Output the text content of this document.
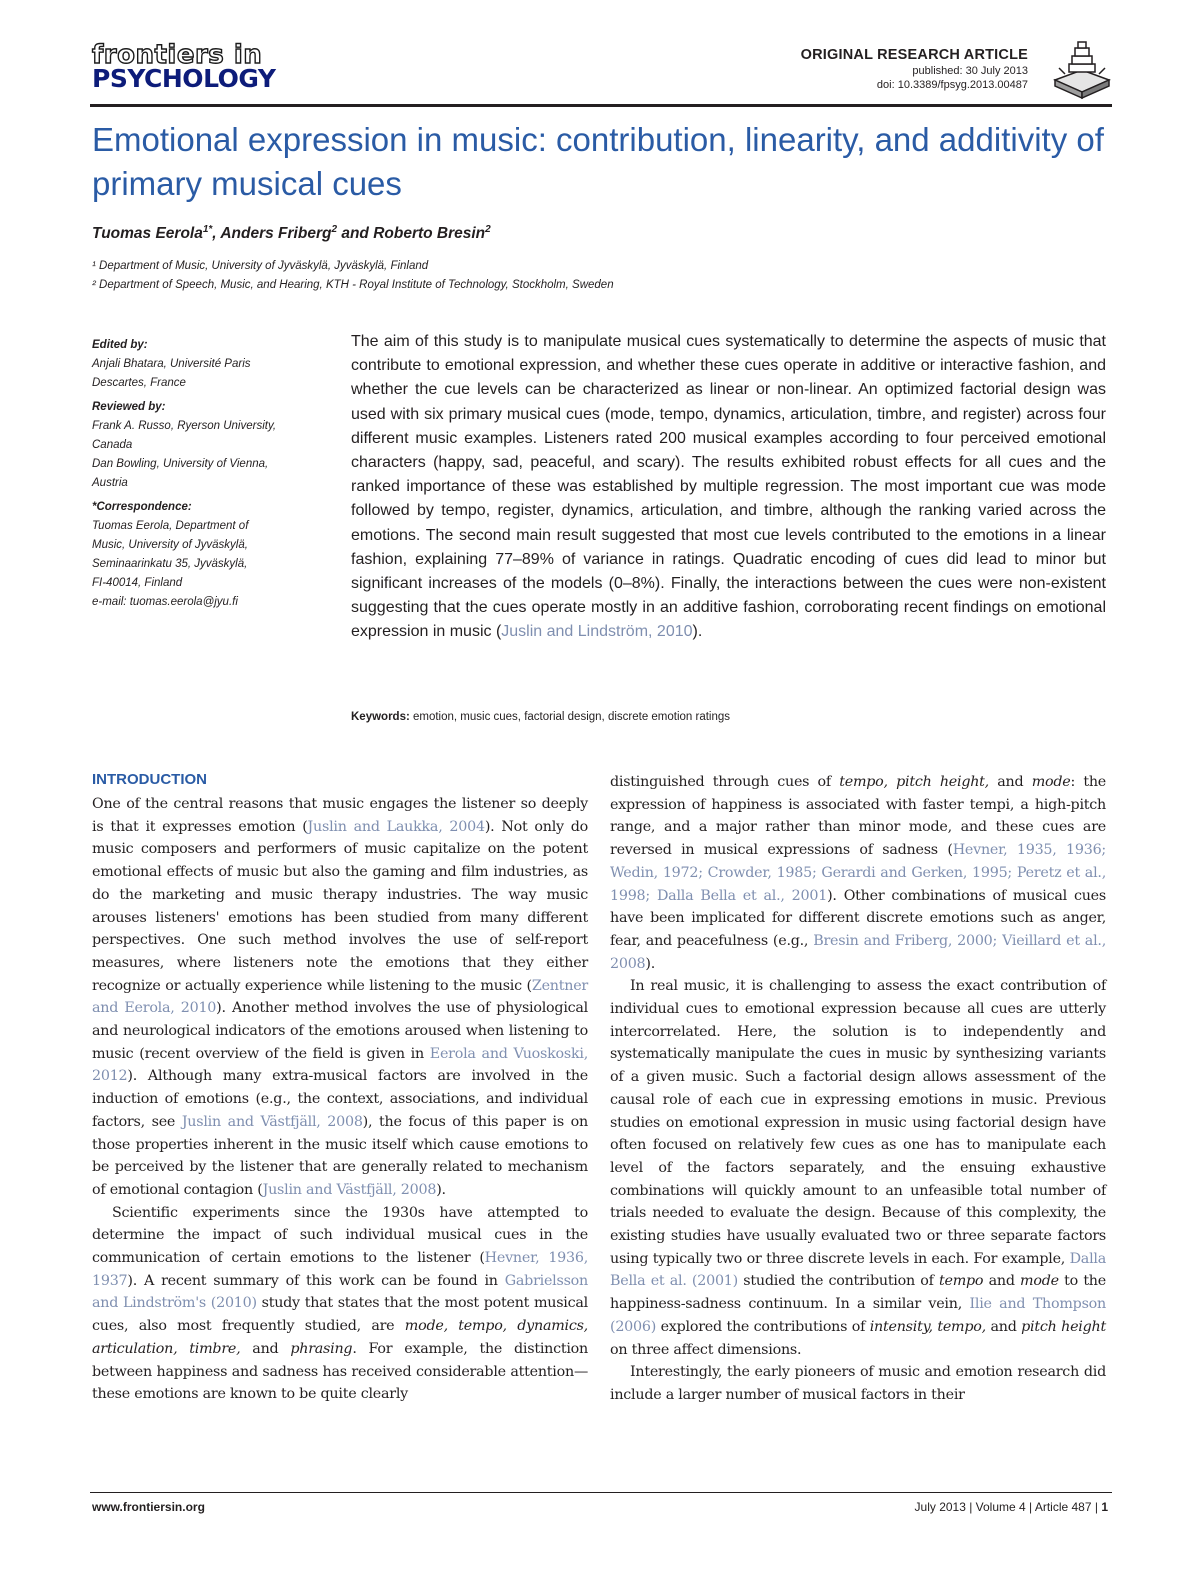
frontiers in
PSYCHOLOGY
ORIGINAL RESEARCH ARTICLE
published: 30 July 2013
doi: 10.3389/fpsyg.2013.00487
Emotional expression in music: contribution, linearity, and additivity of primary musical cues
Tuomas Eerola$^{1*}$, Anders Friberg$^2$ and Roberto Bresin$^2$
¹ Department of Music, University of Jyväskylä, Jyväskylä, Finland
² Department of Speech, Music, and Hearing, KTH - Royal Institute of Technology, Stockholm, Sweden
Edited by:
Anjali Bhatara, Université Paris
Descartes, France
Reviewed by:
Frank A. Russo, Ryerson University,
Canada
Dan Bowling, University of Vienna,
Austria
*Correspondence:
Tuomas Eerola, Department of
Music, University of Jyväskylä,
Seminaarinkatu 35, Jyväskylä,
FI-40014, Finland
e-mail: tuomas.eerola@jyu.fi
The aim of this study is to manipulate musical cues systematically to determine the aspects of music that contribute to emotional expression, and whether these cues operate in additive or interactive fashion, and whether the cue levels can be characterized as linear or non-linear. An optimized factorial design was used with six primary musical cues (mode, tempo, dynamics, articulation, timbre, and register) across four different music examples. Listeners rated 200 musical examples according to four perceived emotional characters (happy, sad, peaceful, and scary). The results exhibited robust effects for all cues and the ranked importance of these was established by multiple regression. The most important cue was mode followed by tempo, register, dynamics, articulation, and timbre, although the ranking varied across the emotions. The second main result suggested that most cue levels contributed to the emotions in a linear fashion, explaining 77–89% of variance in ratings. Quadratic encoding of cues did lead to minor but significant increases of the models (0–8%). Finally, the interactions between the cues were non-existent suggesting that the cues operate mostly in an additive fashion, corroborating recent findings on emotional expression in music (Juslin and Lindström, 2010).
Keywords: emotion, music cues, factorial design, discrete emotion ratings
INTRODUCTION

One of the central reasons that music engages the listener so deeply is that it expresses emotion (Juslin and Laukka, 2004). Not only do music composers and performers of music capitalize on the potent emotional effects of music but also the gaming and film industries, as do the marketing and music therapy industries. The way music arouses listeners' emotions has been studied from many different perspectives. One such method involves the use of self-report measures, where listeners note the emotions that they either recognize or actually experience while listening to the music (Zentner and Eerola, 2010). Another method involves the use of physiological and neurological indicators of the emotions aroused when listening to music (recent overview of the field is given in Eerola and Vuoskoski, 2012). Although many extra-musical factors are involved in the induction of emotions (e.g., the context, associations, and individual factors, see Juslin and Västfjäll, 2008), the focus of this paper is on those properties inherent in the music itself which cause emotions to be perceived by the listener that are generally related to mechanism of emotional contagion (Juslin and Västfjäll, 2008).

Scientific experiments since the 1930s have attempted to determine the impact of such individual musical cues in the communication of certain emotions to the listener (Hevner, 1936, 1937). A recent summary of this work can be found in Gabrielsson and Lindström's (2010) study that states that the most potent musical cues, also most frequently studied, are mode, tempo, dynamics, articulation, timbre, and phrasing. For example, the distinction between happiness and sadness has received considerable attention—these emotions are known to be quite clearly

distinguished through cues of tempo, pitch height, and mode: the expression of happiness is associated with faster tempi, a high-pitch range, and a major rather than minor mode, and these cues are reversed in musical expressions of sadness (Hevner, 1935, 1936; Wedin, 1972; Crowder, 1985; Gerardi and Gerken, 1995; Peretz et al., 1998; Dalla Bella et al., 2001). Other combinations of musical cues have been implicated for different discrete emotions such as anger, fear, and peacefulness (e.g., Bresin and Friberg, 2000; Vieillard et al., 2008).

In real music, it is challenging to assess the exact contribution of individual cues to emotional expression because all cues are utterly intercorrelated. Here, the solution is to independently and systematically manipulate the cues in music by synthesizing variants of a given music. Such a factorial design allows assessment of the causal role of each cue in expressing emotions in music. Previous studies on emotional expression in music using factorial design have often focused on relatively few cues as one has to manipulate each level of the factors separately, and the ensuing exhaustive combinations will quickly amount to an unfeasible total number of trials needed to evaluate the design. Because of this complexity, the existing studies have usually evaluated two or three separate factors using typically two or three discrete levels in each. For example, Dalla Bella et al. (2001) studied the contribution of tempo and mode to the happiness-sadness continuum. In a similar vein, Ilie and Thompson (2006) explored the contributions of intensity, tempo, and pitch height on three affect dimensions.

Interestingly, the early pioneers of music and emotion research did include a larger number of musical factors in their

www.frontiersin.org	July 2013 | Volume 4 | Article 487 | 1
